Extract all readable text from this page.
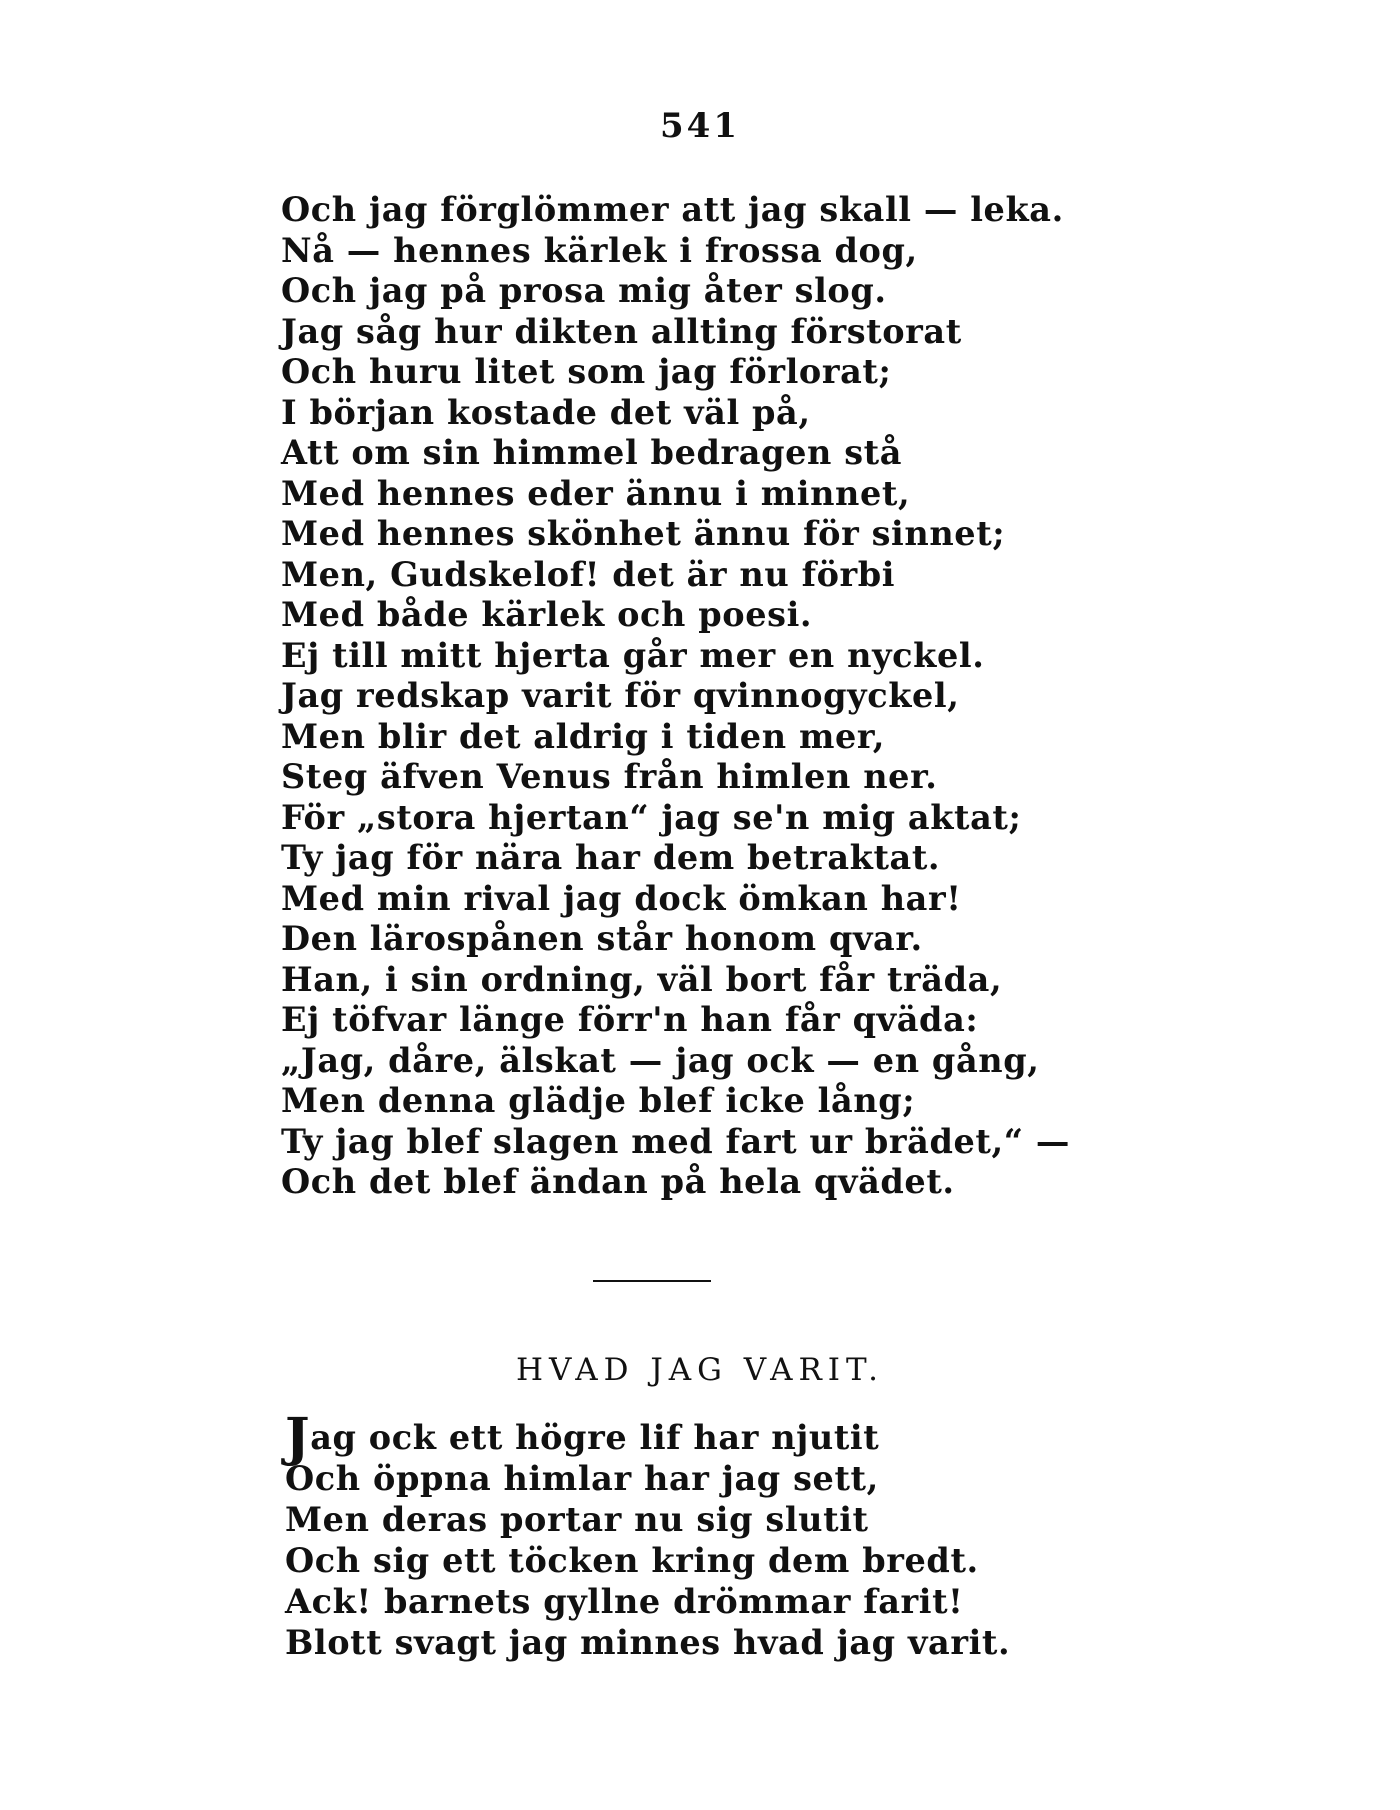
541
Och jag förglömmer att jag skall — leka.
Nå — hennes kärlek i frossa dog,
Och jag på prosa mig åter slog.
Jag såg hur dikten allting förstorat
Och huru litet som jag förlorat;
I början kostade det väl på,
Att om sin himmel bedragen stå
Med hennes eder ännu i minnet,
Med hennes skönhet ännu för sinnet;
Men, Gudskelof! det är nu förbi
Med både kärlek och poesi.
Ej till mitt hjerta går mer en nyckel.
Jag redskap varit för qvinnogyckel,
Men blir det aldrig i tiden mer,
Steg äfven Venus från himlen ner.
För „stora hjertan“ jag se'n mig aktat;
Ty jag för nära har dem betraktat.
Med min rival jag dock ömkan har!
Den lärospånen står honom qvar.
Han, i sin ordning, väl bort får träda,
Ej töfvar länge förr'n han får qväda:
„Jag, dåre, älskat — jag ock — en gång,
Men denna glädje blef icke lång;
Ty jag blef slagen med fart ur brädet,“ —
Och det blef ändan på hela qvädet.
HVAD JAG VARIT.
Jag ock ett högre lif har njutit
Och öppna himlar har jag sett,
Men deras portar nu sig slutit
Och sig ett töcken kring dem bredt.
Ack! barnets gyllne drömmar farit!
Blott svagt jag minnes hvad jag varit.
